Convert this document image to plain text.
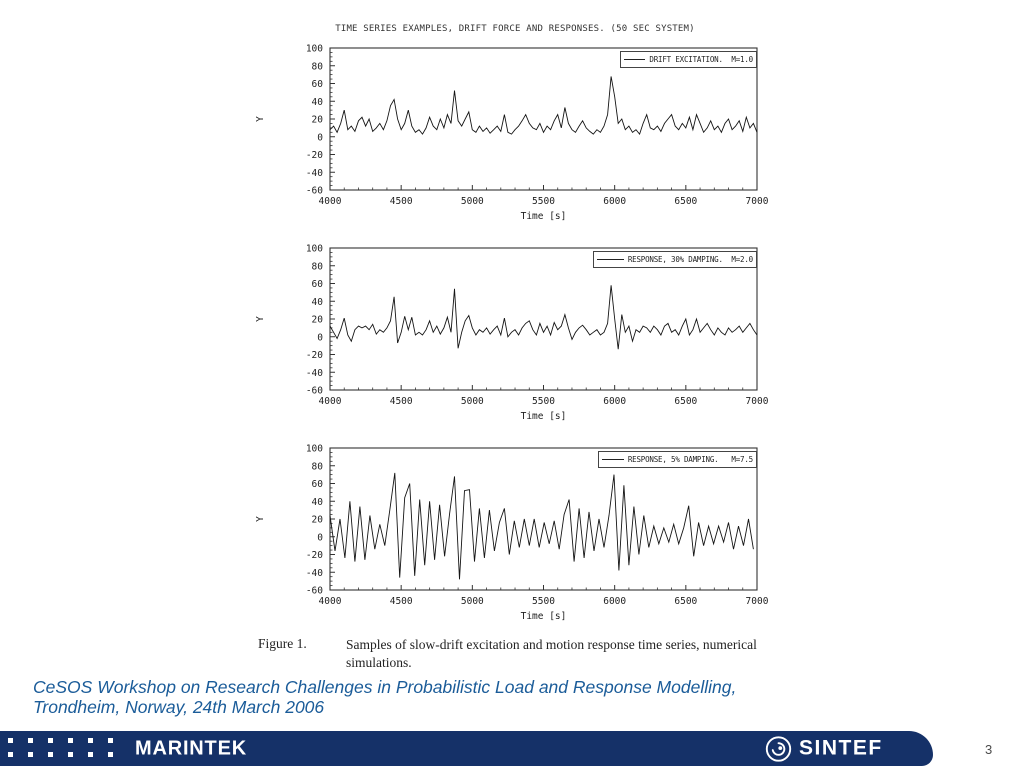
TIME SERIES EXAMPLES, DRIFT FORCE AND RESPONSES. (50 SEC SYSTEM)
100
80
60
40
20
0
-20
-40
-60
4000	4500	5000	5500	6000	6500	7000
Y
Time [s]
DRIFT EXCITATION.  M=1.0
100
80
60
40
20
0
-20
-40
-60
4000	4500	5000	5500	6000	6500	7000
Y
Time [s]
RESPONSE, 30% DAMPING.  M=2.0
100
80
60
40
20
0
-20
-40
-60
4000	4500	5000	5500	6000	6500	7000
Y
Time [s]
RESPONSE, 5% DAMPING.   M=7.5
Figure 1.	Samples of slow-drift excitation and motion response time series, numerical simulations.
CeSOS Workshop on Research Challenges in Probabilistic Load and Response Modelling,
Trondheim, Norway, 24th March 2006
MARINTEK	SINTEF	3
